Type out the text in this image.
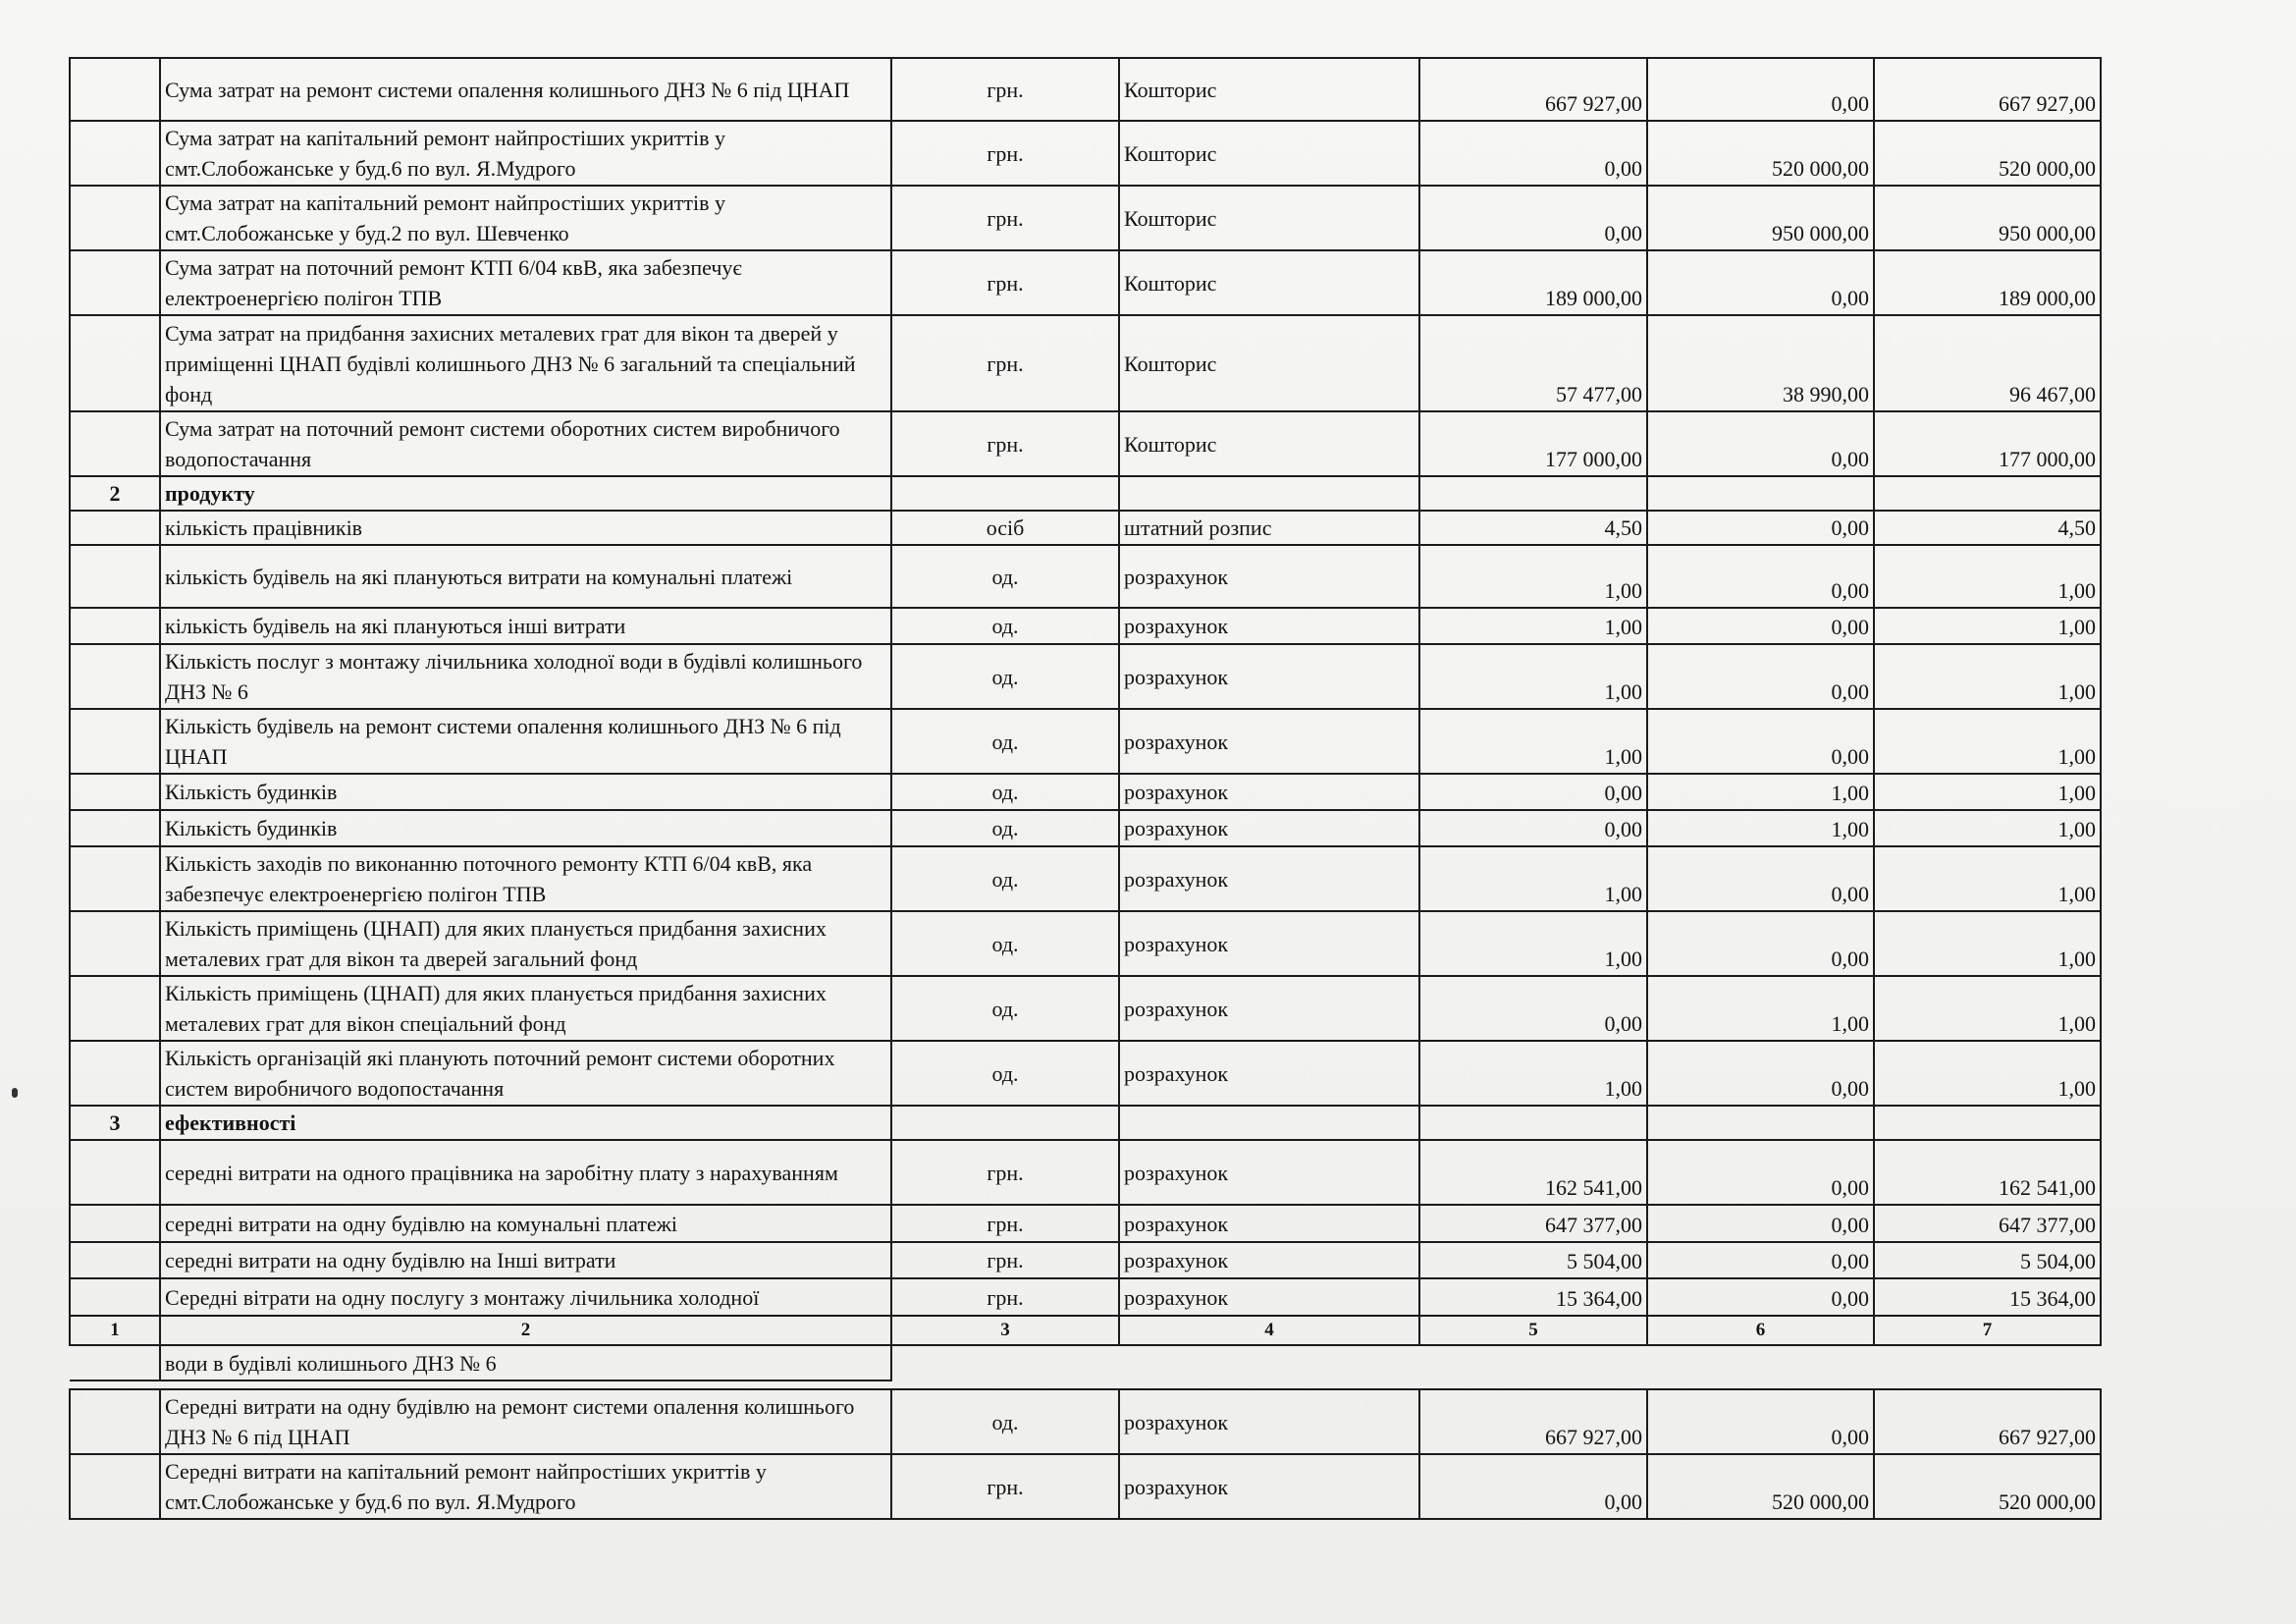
	Сума затрат на ремонт системи опалення колишнього ДНЗ № 6 під ЦНАП	грн.	Кошторис	667 927,00	0,00	667 927,00
	Сума затрат на капітальний ремонт найпростіших укриттів у смт.Слобожанське у буд.6 по вул. Я.Мудрого	грн.	Кошторис	0,00	520 000,00	520 000,00
	Сума затрат на капітальний ремонт найпростіших укриттів у смт.Слобожанське у буд.2 по вул. Шевченко	грн.	Кошторис	0,00	950 000,00	950 000,00
	Сума затрат на поточний ремонт КТП 6/04 квВ, яка забезпечує електроенергією полігон ТПВ	грн.	Кошторис	189 000,00	0,00	189 000,00
	Сума затрат на придбання захисних металевих грат для вікон та дверей у приміщенні ЦНАП будівлі колишнього ДНЗ № 6 загальний та спеціальний фонд	грн.	Кошторис	57 477,00	38 990,00	96 467,00
	Сума затрат на поточний ремонт системи оборотних систем виробничого водопостачання	грн.	Кошторис	177 000,00	0,00	177 000,00
2	продукту					
	кількість працівників	осіб	штатний розпис	4,50	0,00	4,50
	кількість будівель на які плануються витрати на комунальні платежі	од.	розрахунок	1,00	0,00	1,00
	кількість будівель на які плануються інші витрати	од.	розрахунок	1,00	0,00	1,00
	Кількість послуг з монтажу лічильника холодної води в будівлі колишнього ДНЗ № 6	од.	розрахунок	1,00	0,00	1,00
	Кількість будівель на ремонт системи опалення колишнього ДНЗ № 6 під ЦНАП	од.	розрахунок	1,00	0,00	1,00
	Кількість будинків	од.	розрахунок	0,00	1,00	1,00
	Кількість будинків	од.	розрахунок	0,00	1,00	1,00
	Кількість заходів по виконанню поточного ремонту КТП 6/04 квВ, яка забезпечує електроенергією полігон ТПВ	од.	розрахунок	1,00	0,00	1,00
	Кількість приміщень (ЦНАП) для яких планується придбання захисних металевих грат для вікон та дверей загальний фонд	од.	розрахунок	1,00	0,00	1,00
	Кількість приміщень (ЦНАП) для яких планується придбання захисних металевих грат для вікон спеціальний фонд	од.	розрахунок	0,00	1,00	1,00
	Кількість організацій які планують поточний ремонт системи оборотних систем виробничого водопостачання	од.	розрахунок	1,00	0,00	1,00
3	ефективності					
	середні витрати на одного працівника на заробітну плату з нарахуванням	грн.	розрахунок	162 541,00	0,00	162 541,00
	середні витрати на одну будівлю на комунальні платежі	грн.	розрахунок	647 377,00	0,00	647 377,00
	середні витрати на одну будівлю на Інші витрати	грн.	розрахунок	5 504,00	0,00	5 504,00
	Середні вітрати на одну послугу з монтажу лічильника холодної	грн.	розрахунок	15 364,00	0,00	15 364,00
1	2	3	4	5	6	7
	води в будівлі колишнього ДНЗ № 6					
	Середні витрати на одну будівлю на ремонт системи опалення колишнього ДНЗ № 6 під ЦНАП	од.	розрахунок	667 927,00	0,00	667 927,00
	Середні витрати на капітальний ремонт найпростіших укриттів у смт.Слобожанське у буд.6 по вул. Я.Мудрого	грн.	розрахунок	0,00	520 000,00	520 000,00
